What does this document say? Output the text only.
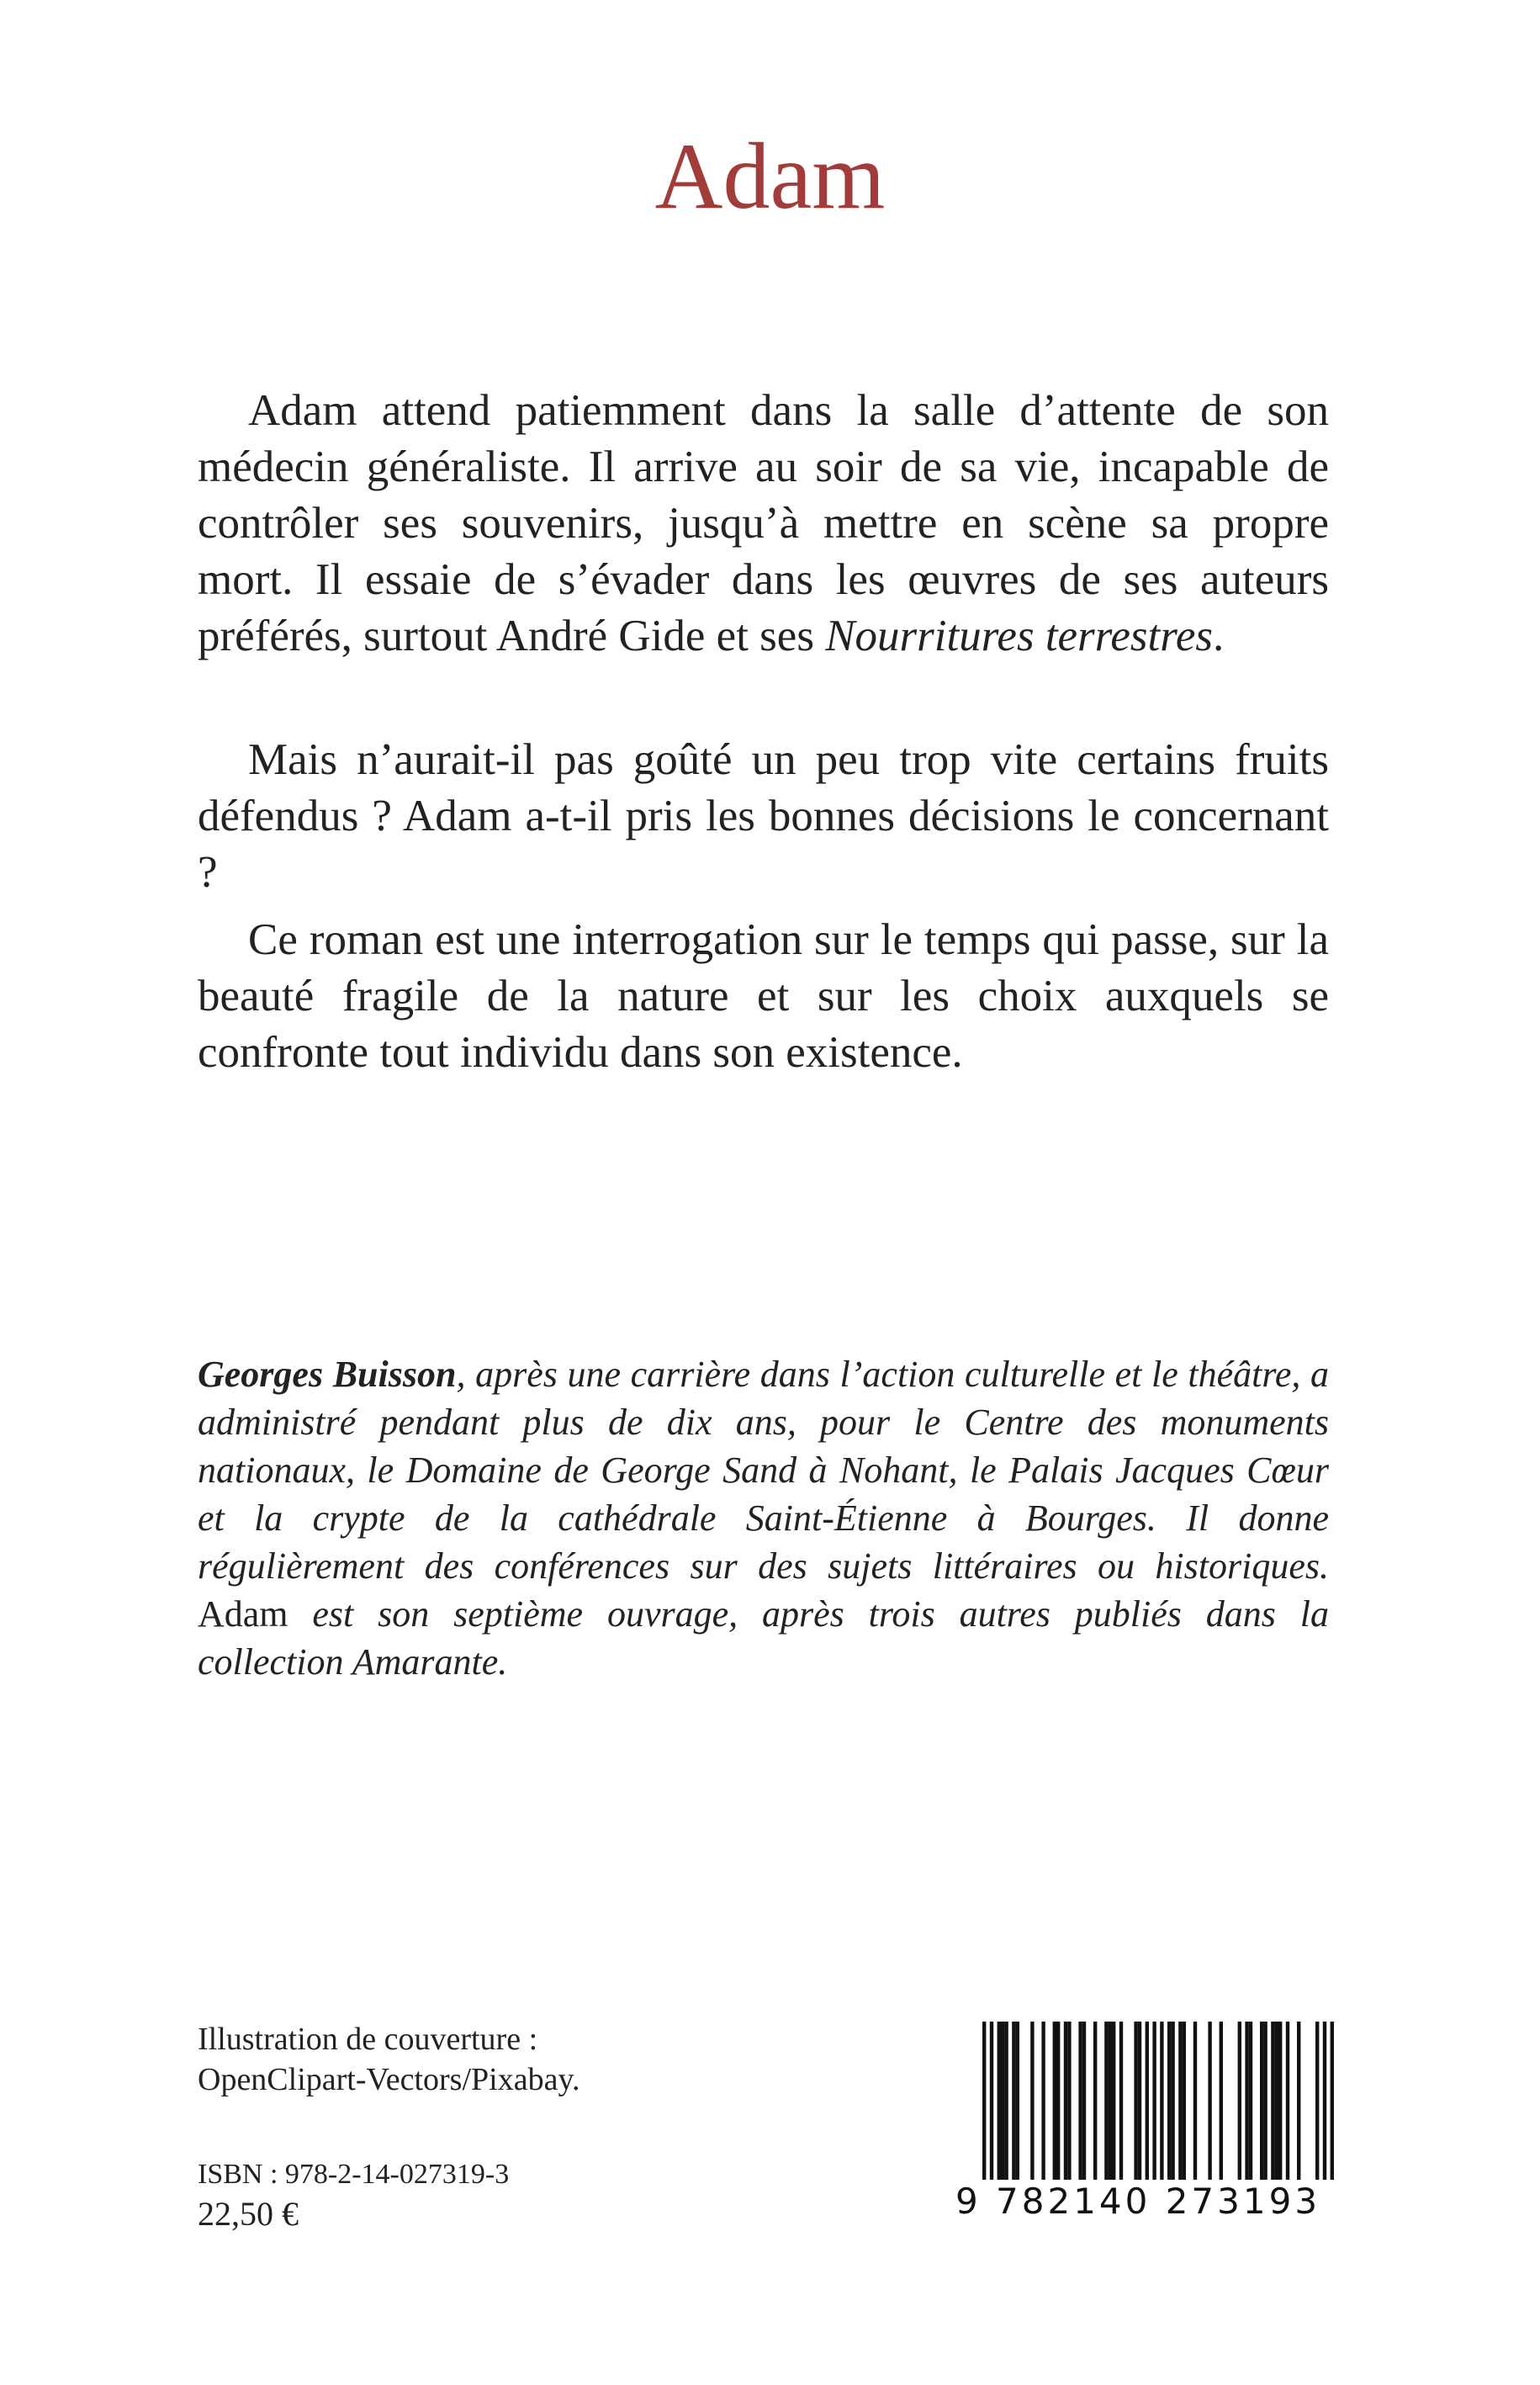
Adam

Adam attend patiemment dans la salle d’attente de son médecin généraliste. Il arrive au soir de sa vie, incapable de contrôler ses souvenirs, jusqu’à mettre en scène sa propre mort. Il essaie de s’évader dans les œuvres de ses auteurs préférés, surtout André Gide et ses Nourritures terrestres.

Mais n’aurait-il pas goûté un peu trop vite certains fruits défendus ? Adam a-t-il pris les bonnes décisions le concernant ?

Ce roman est une interrogation sur le temps qui passe, sur la beauté fragile de la nature et sur les choix auxquels se confronte tout individu dans son existence.

Georges Buisson, après une carrière dans l’action culturelle et le théâtre, a administré pendant plus de dix ans, pour le Centre des monuments nationaux, le Domaine de George Sand à Nohant, le Palais Jacques Cœur et la crypte de la cathédrale Saint-Étienne à Bourges. Il donne régulièrement des conférences sur des sujets littéraires ou historiques. Adam est son septième ouvrage, après trois autres publiés dans la collection Amarante.

Illustration de couverture :
OpenClipart-Vectors/Pixabay.
ISBN : 978-2-14-027319-3
22,50 €	9 782140 273193
